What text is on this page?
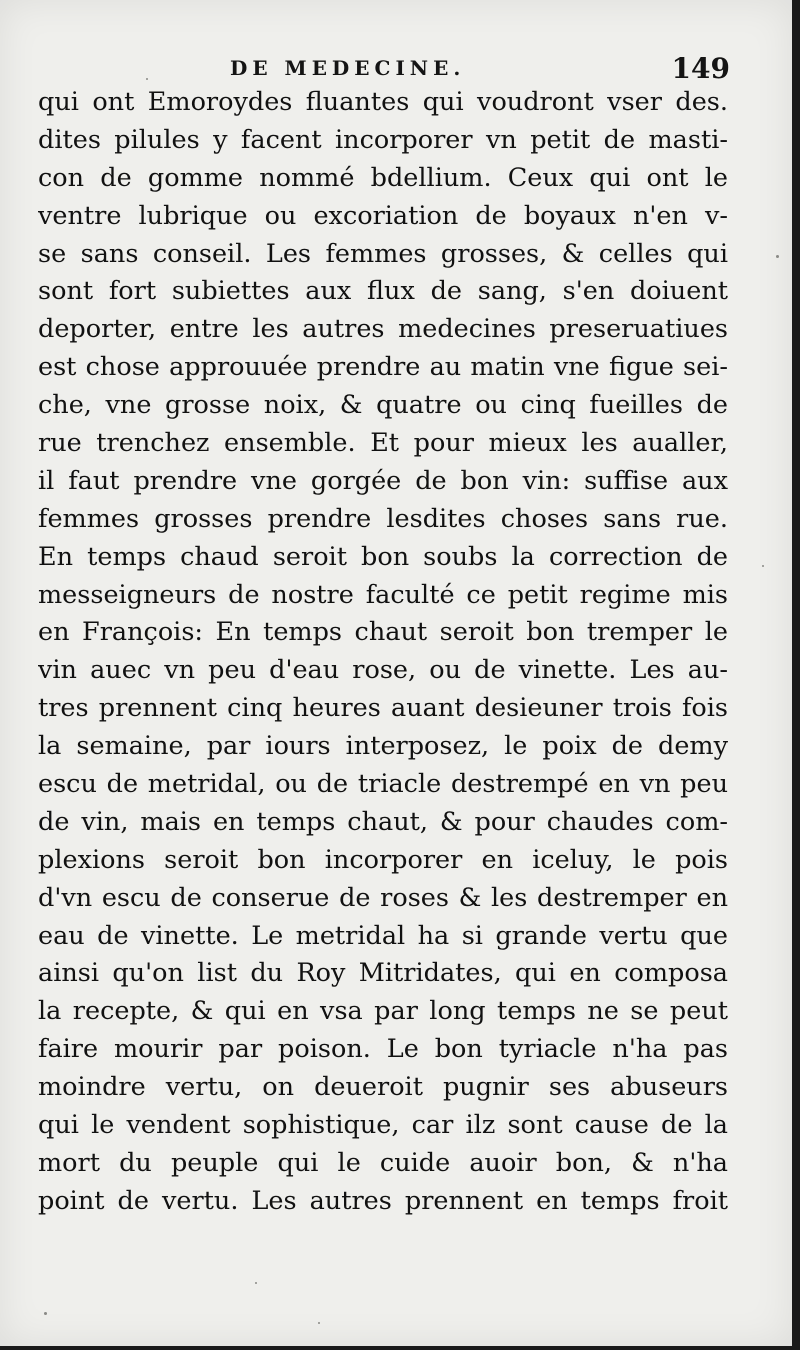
DE MEDECINE.	149
qui ont Emoroydes fluantes qui voudront vser des.
dites pilules y facent incorporer vn petit de masti-
con de gomme nommé bdellium. Ceux qui ont le
ventre lubrique ou excoriation de boyaux n'en v-
se sans conseil. Les femmes grosses, & celles qui
sont fort subiettes aux flux de sang, s'en doiuent
deporter, entre les autres medecines preseruatiues
est chose approuuée prendre au matin vne figue sei-
che, vne grosse noix, & quatre ou cinq fueilles de
rue trenchez ensemble. Et pour mieux les aualler,
il faut prendre vne gorgée de bon vin: suffise aux
femmes grosses prendre lesdites choses sans rue.
En temps chaud seroit bon soubs la correction de
messeigneurs de nostre faculté ce petit regime mis
en François: En temps chaut seroit bon tremper le
vin auec vn peu d'eau rose, ou de vinette. Les au-
tres prennent cinq heures auant desieuner trois fois
la semaine, par iours interposez, le poix de demy
escu de metridal, ou de triacle destrempé en vn peu
de vin, mais en temps chaut, & pour chaudes com-
plexions seroit bon incorporer en iceluy, le pois
d'vn escu de conserue de roses & les destremper en
eau de vinette. Le metridal ha si grande vertu que
ainsi qu'on list du Roy Mitridates, qui en composa
la recepte, & qui en vsa par long temps ne se peut
faire mourir par poison. Le bon tyriacle n'ha pas
moindre vertu, on deueroit pugnir ses abuseurs
qui le vendent sophistique, car ilz sont cause de la
mort du peuple qui le cuide auoir bon, & n'ha
point de vertu. Les autres prennent en temps froit
